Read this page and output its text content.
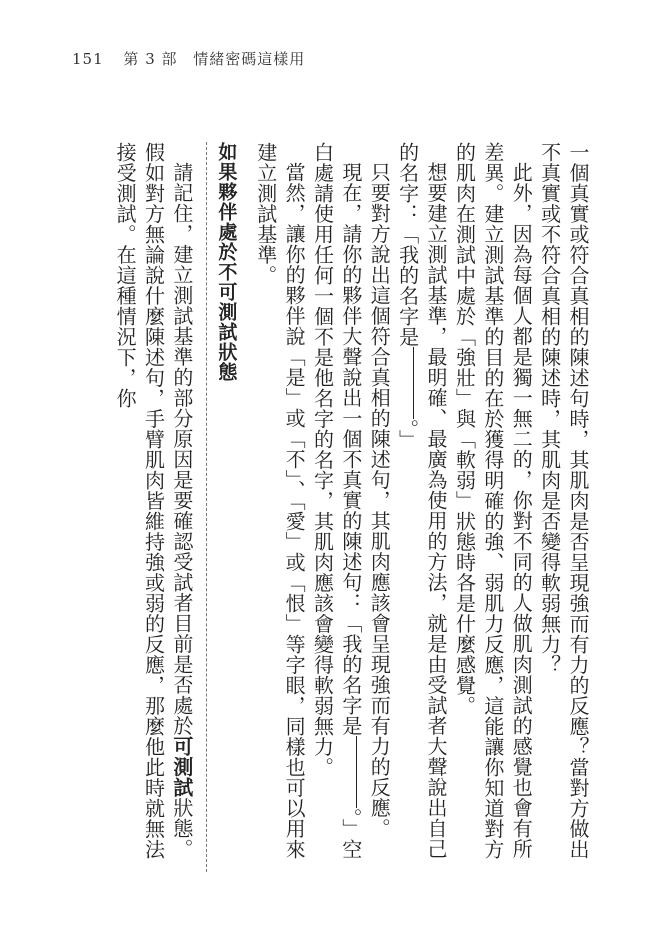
151 第 3 部 情緒密碼這樣用

一個真實或符合真相的陳述句時，其肌肉是否呈現強而有力的反應？當對方做出不真實或不符合真相的陳述時，其肌肉是否變得軟弱無力？

此外，因為每個人都是獨一無二的，你對不同的人做肌肉測試的感覺也會有所差異。建立測試基準的目的在於獲得明確的強、弱肌力反應，這能讓你知道對方的肌肉在測試中處於「強壯」與「軟弱」狀態時各是什麼感覺。

想要建立測試基準，最明確、最廣為使用的方法，就是由受試者大聲說出自己的名字：「我的名字是。」

只要對方說出這個符合真相的陳述句，其肌肉應該會呈現強而有力的反應。

現在，請你的夥伴大聲說出一個不真實的陳述句：「我的名字是。」空白處請使用任何一個不是他名字的名字，其肌肉應該會變得軟弱無力。

當然，讓你的夥伴說「是」或「不」、「愛」或「恨」等字眼，同樣也可以用來建立測試基準。

如果夥伴處於不可測試狀態

請記住，建立測試基準的部分原因是要確認受試者目前是否處於可測試狀態。假如對方無論說什麼陳述句，手臂肌肉皆維持強或弱的反應，那麼他此時就無法接受測試。在這種情況下，你
